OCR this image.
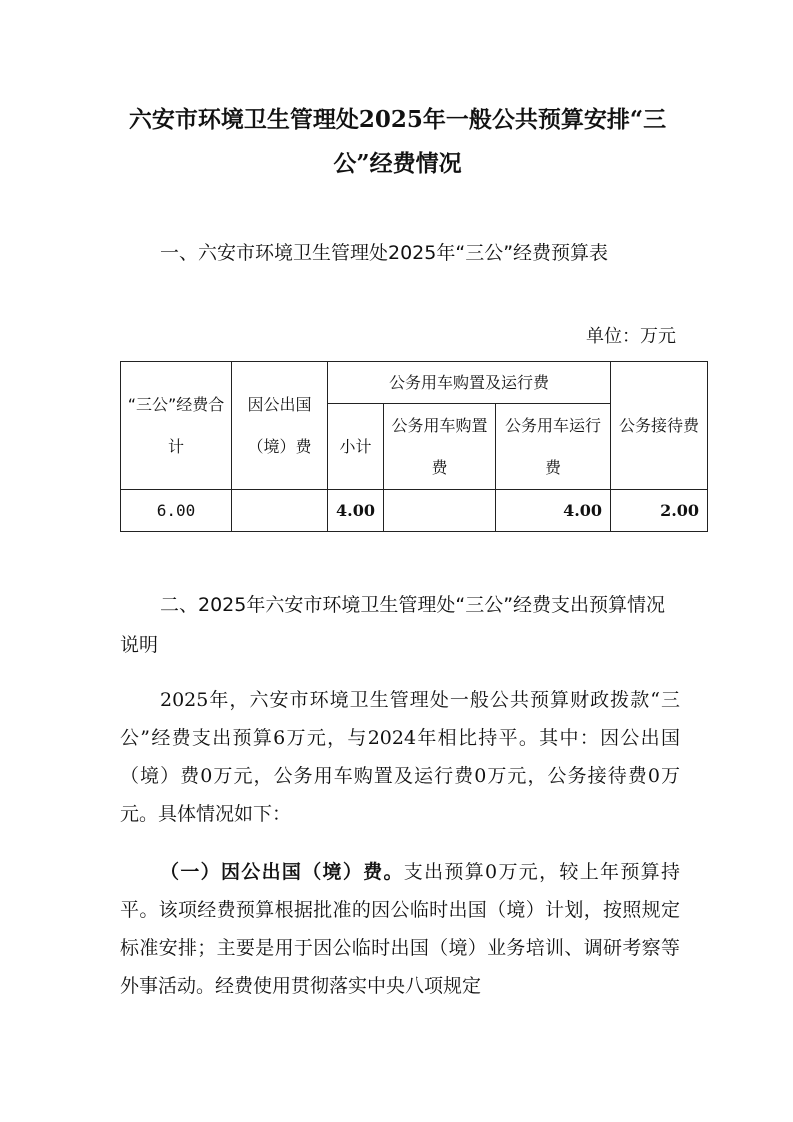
六安市环境卫生管理处2025年一般公共预算安排“三公”经费情况

一、六安市环境卫生管理处2025年“三公”经费预算表

单位：万元
“三公”经费合计	因公出国（境）费	公务用车购置及运行费			公务接待费
		小计	公务用车购置费	公务用车运行费	
6.00		4.00		4.00	2.00

二、2025年六安市环境卫生管理处“三公”经费支出预算情况说明

2025年，六安市环境卫生管理处一般公共预算财政拨款“三公”经费支出预算6万元，与2024年相比持平。其中：因公出国（境）费0万元，公务用车购置及运行费0万元，公务接待费0万元。具体情况如下：

（一）因公出国（境）费。支出预算0万元，较上年预算持平。该项经费预算根据批准的因公临时出国（境）计划，按照规定标准安排；主要是用于因公临时出国（境）业务培训、调研考察等外事活动。经费使用贯彻落实中央八项规定
